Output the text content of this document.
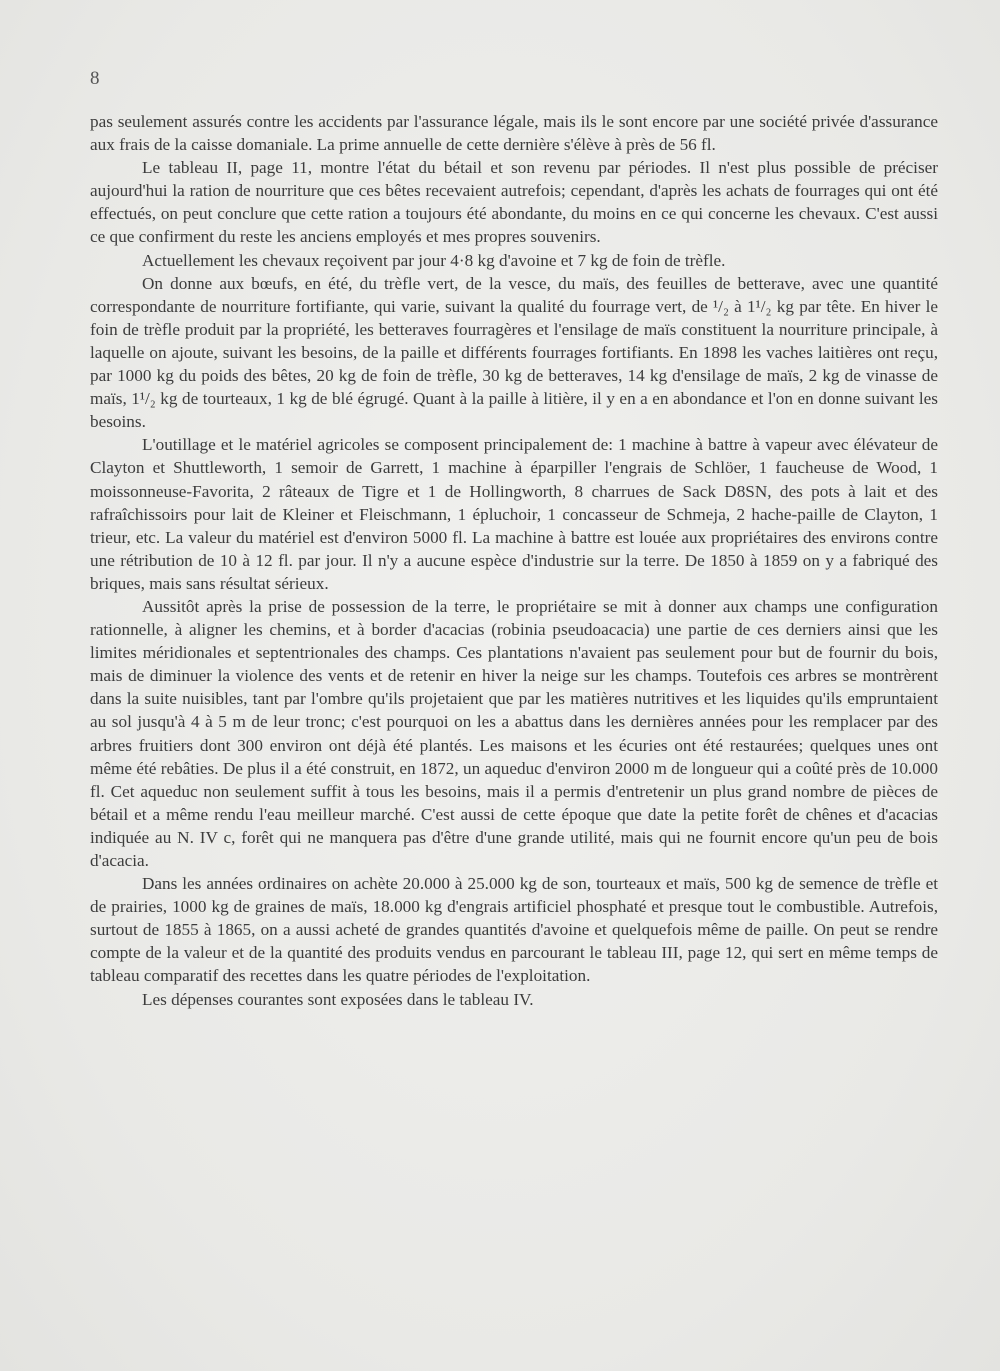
8

pas seulement assurés contre les accidents par l'assurance légale, mais ils le sont encore par une société privée d'assurance aux frais de la caisse domaniale. La prime annuelle de cette dernière s'élève à près de 56 fl.

Le tableau II, page 11, montre l'état du bétail et son revenu par périodes. Il n'est plus possible de préciser aujourd'hui la ration de nourriture que ces bêtes recevaient autrefois; cependant, d'après les achats de fourrages qui ont été effectués, on peut conclure que cette ration a toujours été abondante, du moins en ce qui concerne les chevaux. C'est aussi ce que confirment du reste les anciens employés et mes propres souvenirs.

Actuellement les chevaux reçoivent par jour 4·8 kg d'avoine et 7 kg de foin de trèfle.

On donne aux bœufs, en été, du trèfle vert, de la vesce, du maïs, des feuilles de betterave, avec une quantité correspondante de nourriture fortifiante, qui varie, suivant la qualité du fourrage vert, de ¹/₂ à 1¹/₂ kg par tête. En hiver le foin de trèfle produit par la propriété, les betteraves fourragères et l'ensilage de maïs constituent la nourriture principale, à laquelle on ajoute, suivant les besoins, de la paille et différents fourrages fortifiants. En 1898 les vaches laitières ont reçu, par 1000 kg du poids des bêtes, 20 kg de foin de trèfle, 30 kg de betteraves, 14 kg d'ensilage de maïs, 2 kg de vinasse de maïs, 1¹/₂ kg de tourteaux, 1 kg de blé égrugé. Quant à la paille à litière, il y en a en abondance et l'on en donne suivant les besoins.

L'outillage et le matériel agricoles se composent principalement de: 1 machine à battre à vapeur avec élévateur de Clayton et Shuttleworth, 1 semoir de Garrett, 1 machine à éparpiller l'engrais de Schlöer, 1 faucheuse de Wood, 1 moissonneuse-Favorita, 2 râteaux de Tigre et 1 de Hollingworth, 8 charrues de Sack D8SN, des pots à lait et des rafraîchissoirs pour lait de Kleiner et Fleischmann, 1 épluchoir, 1 concasseur de Schmeja, 2 hache-paille de Clayton, 1 trieur, etc. La valeur du matériel est d'environ 5000 fl. La machine à battre est louée aux propriétaires des environs contre une rétribution de 10 à 12 fl. par jour. Il n'y a aucune espèce d'industrie sur la terre. De 1850 à 1859 on y a fabriqué des briques, mais sans résultat sérieux.

Aussitôt après la prise de possession de la terre, le propriétaire se mit à donner aux champs une configuration rationnelle, à aligner les chemins, et à border d'acacias (robinia pseudoacacia) une partie de ces derniers ainsi que les limites méridionales et septentrionales des champs. Ces plantations n'avaient pas seulement pour but de fournir du bois, mais de diminuer la violence des vents et de retenir en hiver la neige sur les champs. Toutefois ces arbres se montrèrent dans la suite nuisibles, tant par l'ombre qu'ils projetaient que par les matières nutritives et les liquides qu'ils empruntaient au sol jusqu'à 4 à 5 m de leur tronc; c'est pourquoi on les a abattus dans les dernières années pour les remplacer par des arbres fruitiers dont 300 environ ont déjà été plantés. Les maisons et les écuries ont été restaurées; quelques unes ont même été rebâties. De plus il a été construit, en 1872, un aqueduc d'environ 2000 m de longueur qui a coûté près de 10.000 fl. Cet aqueduc non seulement suffit à tous les besoins, mais il a permis d'entretenir un plus grand nombre de pièces de bétail et a même rendu l'eau meilleur marché. C'est aussi de cette époque que date la petite forêt de chênes et d'acacias indiquée au N. IV c, forêt qui ne manquera pas d'être d'une grande utilité, mais qui ne fournit encore qu'un peu de bois d'acacia.

Dans les années ordinaires on achète 20.000 à 25.000 kg de son, tourteaux et maïs, 500 kg de semence de trèfle et de prairies, 1000 kg de graines de maïs, 18.000 kg d'engrais artificiel phosphaté et presque tout le combustible. Autrefois, surtout de 1855 à 1865, on a aussi acheté de grandes quantités d'avoine et quelquefois même de paille. On peut se rendre compte de la valeur et de la quantité des produits vendus en parcourant le tableau III, page 12, qui sert en même temps de tableau comparatif des recettes dans les quatre périodes de l'exploitation.

Les dépenses courantes sont exposées dans le tableau IV.
